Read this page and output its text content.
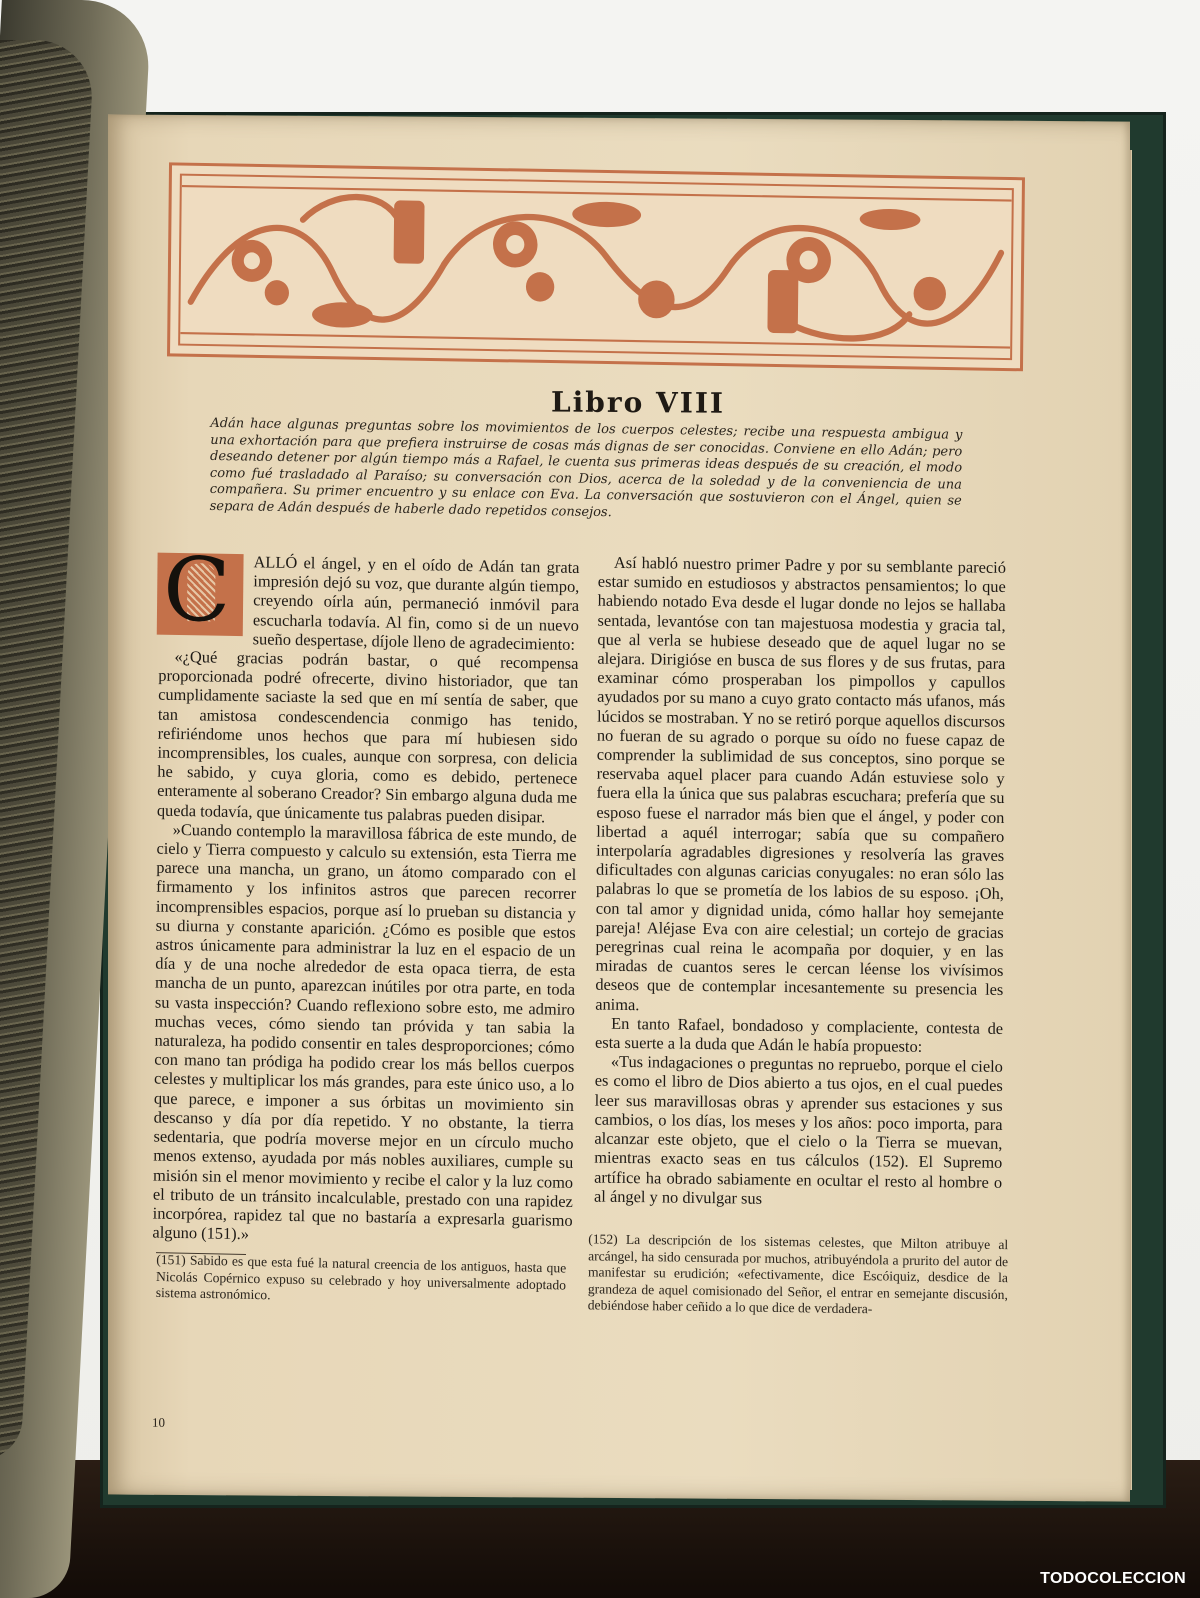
Libro VIII
Adán hace algunas preguntas sobre los movimientos de los cuerpos celestes; recibe una respuesta ambigua y una exhortación para que prefiera instruirse de cosas más dignas de ser conocidas. Conviene en ello Adán; pero deseando detener por algún tiempo más a Rafael, le cuenta sus primeras ideas después de su creación, el modo como fué trasladado al Paraíso; su conversación con Dios, acerca de la soledad y de la conveniencia de una compañera. Su primer encuentro y su enlace con Eva. La conversación que sostuvieron con el Ángel, quien se separa de Adán después de haberle dado repetidos consejos.

C ALLÓ el ángel, y en el oído de Adán tan grata impresión dejó su voz, que durante algún tiempo, creyendo oírla aún, permaneció inmóvil para escucharla todavía. Al fin, como si de un nuevo sueño despertase, díjole lleno de agradecimiento:

«¿Qué gracias podrán bastar, o qué recompensa proporcionada podré ofrecerte, divino historiador, que tan cumplidamente saciaste la sed que en mí sentía de saber, que tan amistosa condescendencia conmigo has tenido, refiriéndome unos hechos que para mí hubiesen sido incomprensibles, los cuales, aunque con sorpresa, con delicia he sabido, y cuya gloria, como es debido, pertenece enteramente al soberano Creador? Sin embargo alguna duda me queda todavía, que únicamente tus palabras pueden disipar.

»Cuando contemplo la maravillosa fábrica de este mundo, de cielo y Tierra compuesto y calculo su extensión, esta Tierra me parece una mancha, un grano, un átomo comparado con el firmamento y los infinitos astros que parecen recorrer incomprensibles espacios, porque así lo prueban su distancia y su diurna y constante aparición. ¿Cómo es posible que estos astros únicamente para administrar la luz en el espacio de un día y de una noche alrededor de esta opaca tierra, de esta mancha de un punto, aparezcan inútiles por otra parte, en toda su vasta inspección? Cuando reflexiono sobre esto, me admiro muchas veces, cómo siendo tan próvida y tan sabia la naturaleza, ha podido consentir en tales desproporciones; cómo con mano tan pródiga ha podido crear los más bellos cuerpos celestes y multiplicar los más grandes, para este único uso, a lo que parece, e imponer a sus órbitas un movimiento sin descanso y día por día repetido. Y no obstante, la tierra sedentaria, que podría moverse mejor en un círculo mucho menos extenso, ayudada por más nobles auxiliares, cumple su misión sin el menor movimiento y recibe el calor y la luz como el tributo de un tránsito incalculable, prestado con una rapidez incorpórea, rapidez tal que no bastaría a expresarla guarismo alguno (151).»

Así habló nuestro primer Padre y por su semblante pareció estar sumido en estudiosos y abstractos pensamientos; lo que habiendo notado Eva desde el lugar donde no lejos se hallaba sentada, levantóse con tan majestuosa modestia y gracia tal, que al verla se hubiese deseado que de aquel lugar no se alejara. Dirigióse en busca de sus flores y de sus frutas, para examinar cómo prosperaban los pimpollos y capullos ayudados por su mano a cuyo grato contacto más ufanos, más lúcidos se mostraban. Y no se retiró porque aquellos discursos no fueran de su agrado o porque su oído no fuese capaz de comprender la sublimidad de sus conceptos, sino porque se reservaba aquel placer para cuando Adán estuviese solo y fuera ella la única que sus palabras escuchara; prefería que su esposo fuese el narrador más bien que el ángel, y poder con libertad a aquél interrogar; sabía que su compañero interpolaría agradables digresiones y resolvería las graves dificultades con algunas caricias conyugales: no eran sólo las palabras lo que se prometía de los labios de su esposo. ¡Oh, con tal amor y dignidad unida, cómo hallar hoy semejante pareja! Aléjase Eva con aire celestial; un cortejo de gracias peregrinas cual reina le acompaña por doquier, y en las miradas de cuantos seres le cercan léense los vivísimos deseos que de contemplar incesantemente su presencia les anima.

En tanto Rafael, bondadoso y complaciente, contesta de esta suerte a la duda que Adán le había propuesto:

«Tus indagaciones o preguntas no repruebo, porque el cielo es como el libro de Dios abierto a tus ojos, en el cual puedes leer sus maravillosas obras y aprender sus estaciones y sus cambios, o los días, los meses y los años: poco importa, para alcanzar este objeto, que el cielo o la Tierra se muevan, mientras exacto seas en tus cálculos (152). El Supremo artífice ha obrado sabiamente en ocultar el resto al hombre o al ángel y no divulgar sus

(151) Sabido es que esta fué la natural creencia de los antiguos, hasta que Nicolás Copérnico expuso su celebrado y hoy universalmente adoptado sistema astronómico.
(152) La descripción de los sistemas celestes, que Milton atribuye al arcángel, ha sido censurada por muchos, atribuyéndola a prurito del autor de manifestar su erudición; «efectivamente, dice Escóiquiz, desdice de la grandeza de aquel comisionado del Señor, el entrar en semejante discusión, debiéndose haber ceñido a lo que dice de verdadera-
10
TODOCOLECCION
